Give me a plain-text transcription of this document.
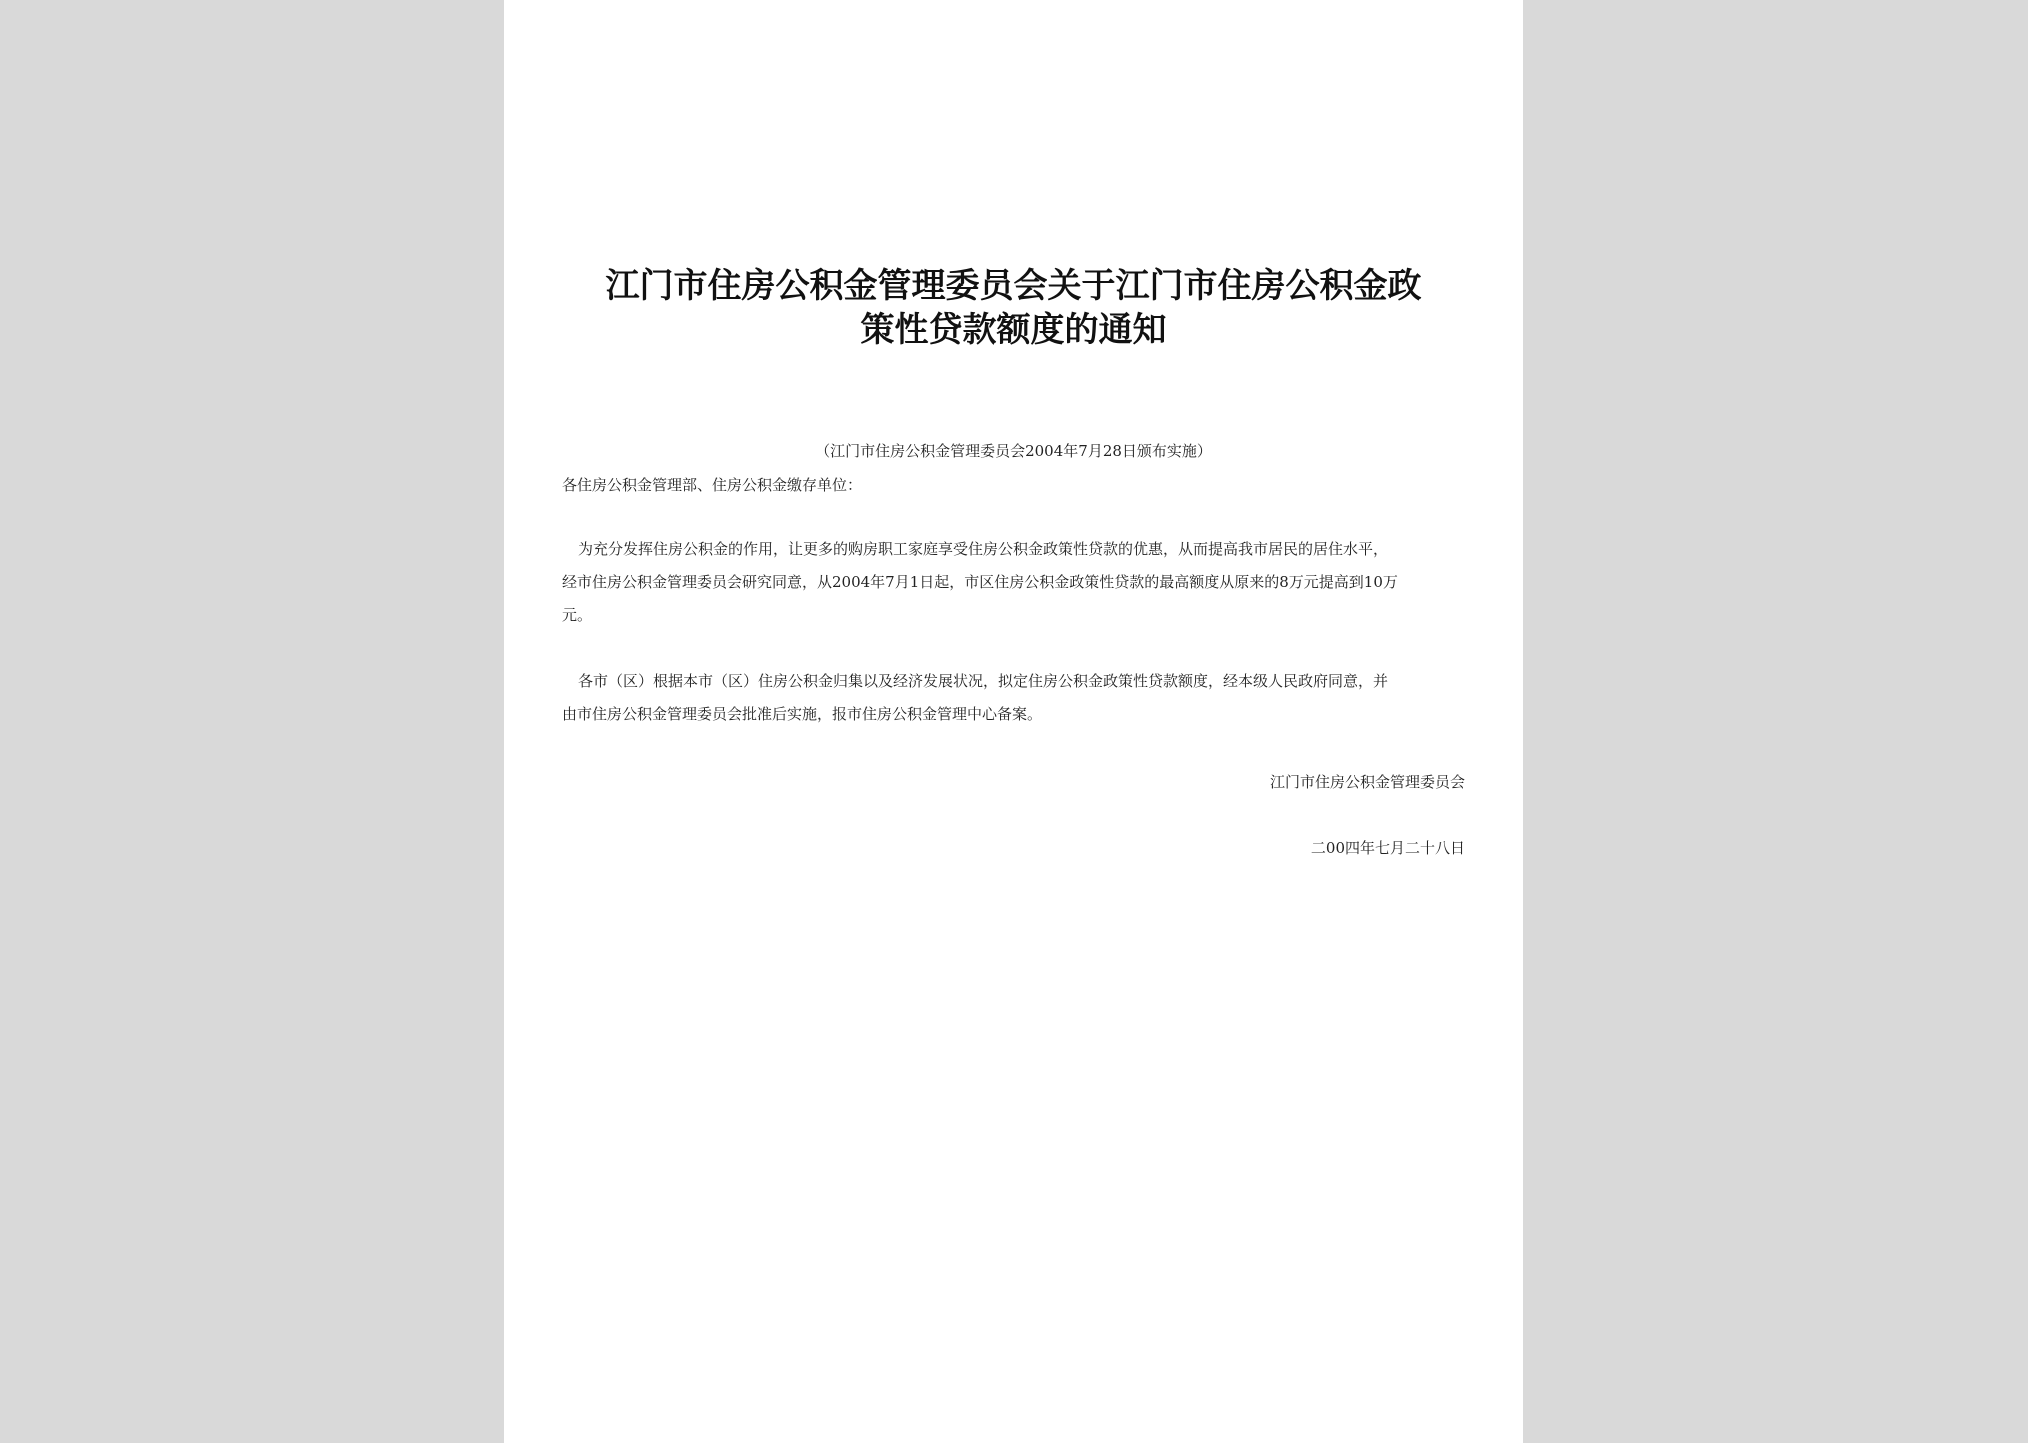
江门市住房公积金管理委员会关于江门市住房公积金政
策性贷款额度的通知

（江门市住房公积金管理委员会2004年7月28日颁布实施）

各住房公积金管理部、住房公积金缴存单位：

为充分发挥住房公积金的作用，让更多的购房职工家庭享受住房公积金政策性贷款的优惠，从而提高我市居民的居住水平，
经市住房公积金管理委员会研究同意，从2004年7月1日起，市区住房公积金政策性贷款的最高额度从原来的8万元提高到10万
元。
各市（区）根据本市（区）住房公积金归集以及经济发展状况，拟定住房公积金政策性贷款额度，经本级人民政府同意，并
由市住房公积金管理委员会批准后实施，报市住房公积金管理中心备案。

江门市住房公积金管理委员会

二00四年七月二十八日
